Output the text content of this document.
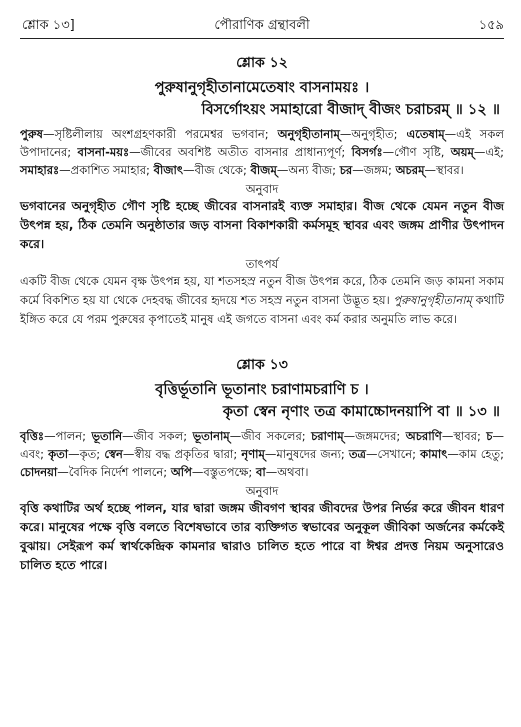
শ্লোক ১৩]	পৌরাণিক গ্রন্থাবলী	১৫৯
শ্লোক ১২
পুরুষানুগৃহীতানামেতেষাং বাসনাময়ঃ ।
বিসর্গোঽয়ং সমাহারো বীজাদ্‌ বীজং চরাচরম্‌ ॥ ১২ ॥
পুরুষ—সৃষ্টিলীলায় অংশগ্রহণকারী পরমেশ্বর ভগবান; অনুগৃহীতানাম্‌—অনুগৃহীত; এতেষাম্‌—এই সকল উপাদানের; বাসনা-ময়ঃ—জীবের অবশিষ্ট অতীত বাসনার প্রাধান্যপূর্ণ; বিসর্গঃ—গৌণ সৃষ্টি, অয়ম্‌—এই; সমাহারঃ—প্রকাশিত সমাহার; বীজাৎ—বীজ থেকে; বীজম্‌—অন্য বীজ; চর—জঙ্গম; অচরম্‌—স্থাবর।
অনুবাদ
ভগবানের অনুগৃহীত গৌণ সৃষ্টি হচ্ছে জীবের বাসনারই ব্যক্ত সমাহার। বীজ থেকে যেমন নতুন বীজ উৎপন্ন হয়, ঠিক তেমনি অনুষ্ঠাতার জড় বাসনা বিকাশকারী কর্মসমূহ স্থাবর এবং জঙ্গম প্রাণীর উৎপাদন করে।
তাৎপর্য
একটি বীজ থেকে যেমন বৃক্ষ উৎপন্ন হয়, যা শতসহস্র নতুন বীজ উৎপন্ন করে, ঠিক তেমনি জড় কামনা সকাম কর্মে বিকশিত হয় যা থেকে দেহবদ্ধ জীবের হৃদয়ে শত সহস্র নতুন বাসনা উদ্ভূত হয়। পুরুষানুগৃহীতানাম্‌ কথাটি ইঙ্গিত করে যে পরম পুরুষের কৃপাতেই মানুষ এই জগতে বাসনা এবং কর্ম করার অনুমতি লাভ করে।
শ্লোক ১৩
বৃত্তির্ভূতানি ভূতানাং চরাণামচরাণি চ ।
কৃতা স্বেন নৃণাং তত্র কামাচ্চোদনয়াপি বা ॥ ১৩ ॥
বৃত্তিঃ—পালন; ভূতানি—জীব সকল; ভূতানাম্‌—জীব সকলের; চরাণাম্‌—জঙ্গমদের; অচরাণি—স্থাবর; চ—এবং; কৃতা—কৃত; স্বেন—স্বীয় বদ্ধ প্রকৃতির দ্বারা; নৃণাম্‌—মানুষদের জন্য; তত্র—সেখানে; কামাৎ—কাম হেতু; চোদনয়া—বৈদিক নির্দেশ পালনে; অপি—বস্তুতপক্ষে; বা—অথবা।
অনুবাদ
বৃত্তি কথাটির অর্থ হচ্ছে পালন, যার দ্বারা জঙ্গম জীবগণ স্থাবর জীবদের উপর নির্ভর করে জীবন ধারণ করে। মানুষের পক্ষে বৃত্তি বলতে বিশেষভাবে তার ব্যক্তিগত স্বভাবের অনুকূল জীবিকা অর্জনের কর্মকেই বুঝায়। সেইরূপ কর্ম স্বার্থকেন্দ্রিক কামনার দ্বারাও চালিত হতে পারে বা ঈশ্বর প্রদত্ত নিয়ম অনুসারেও চালিত হতে পারে।
